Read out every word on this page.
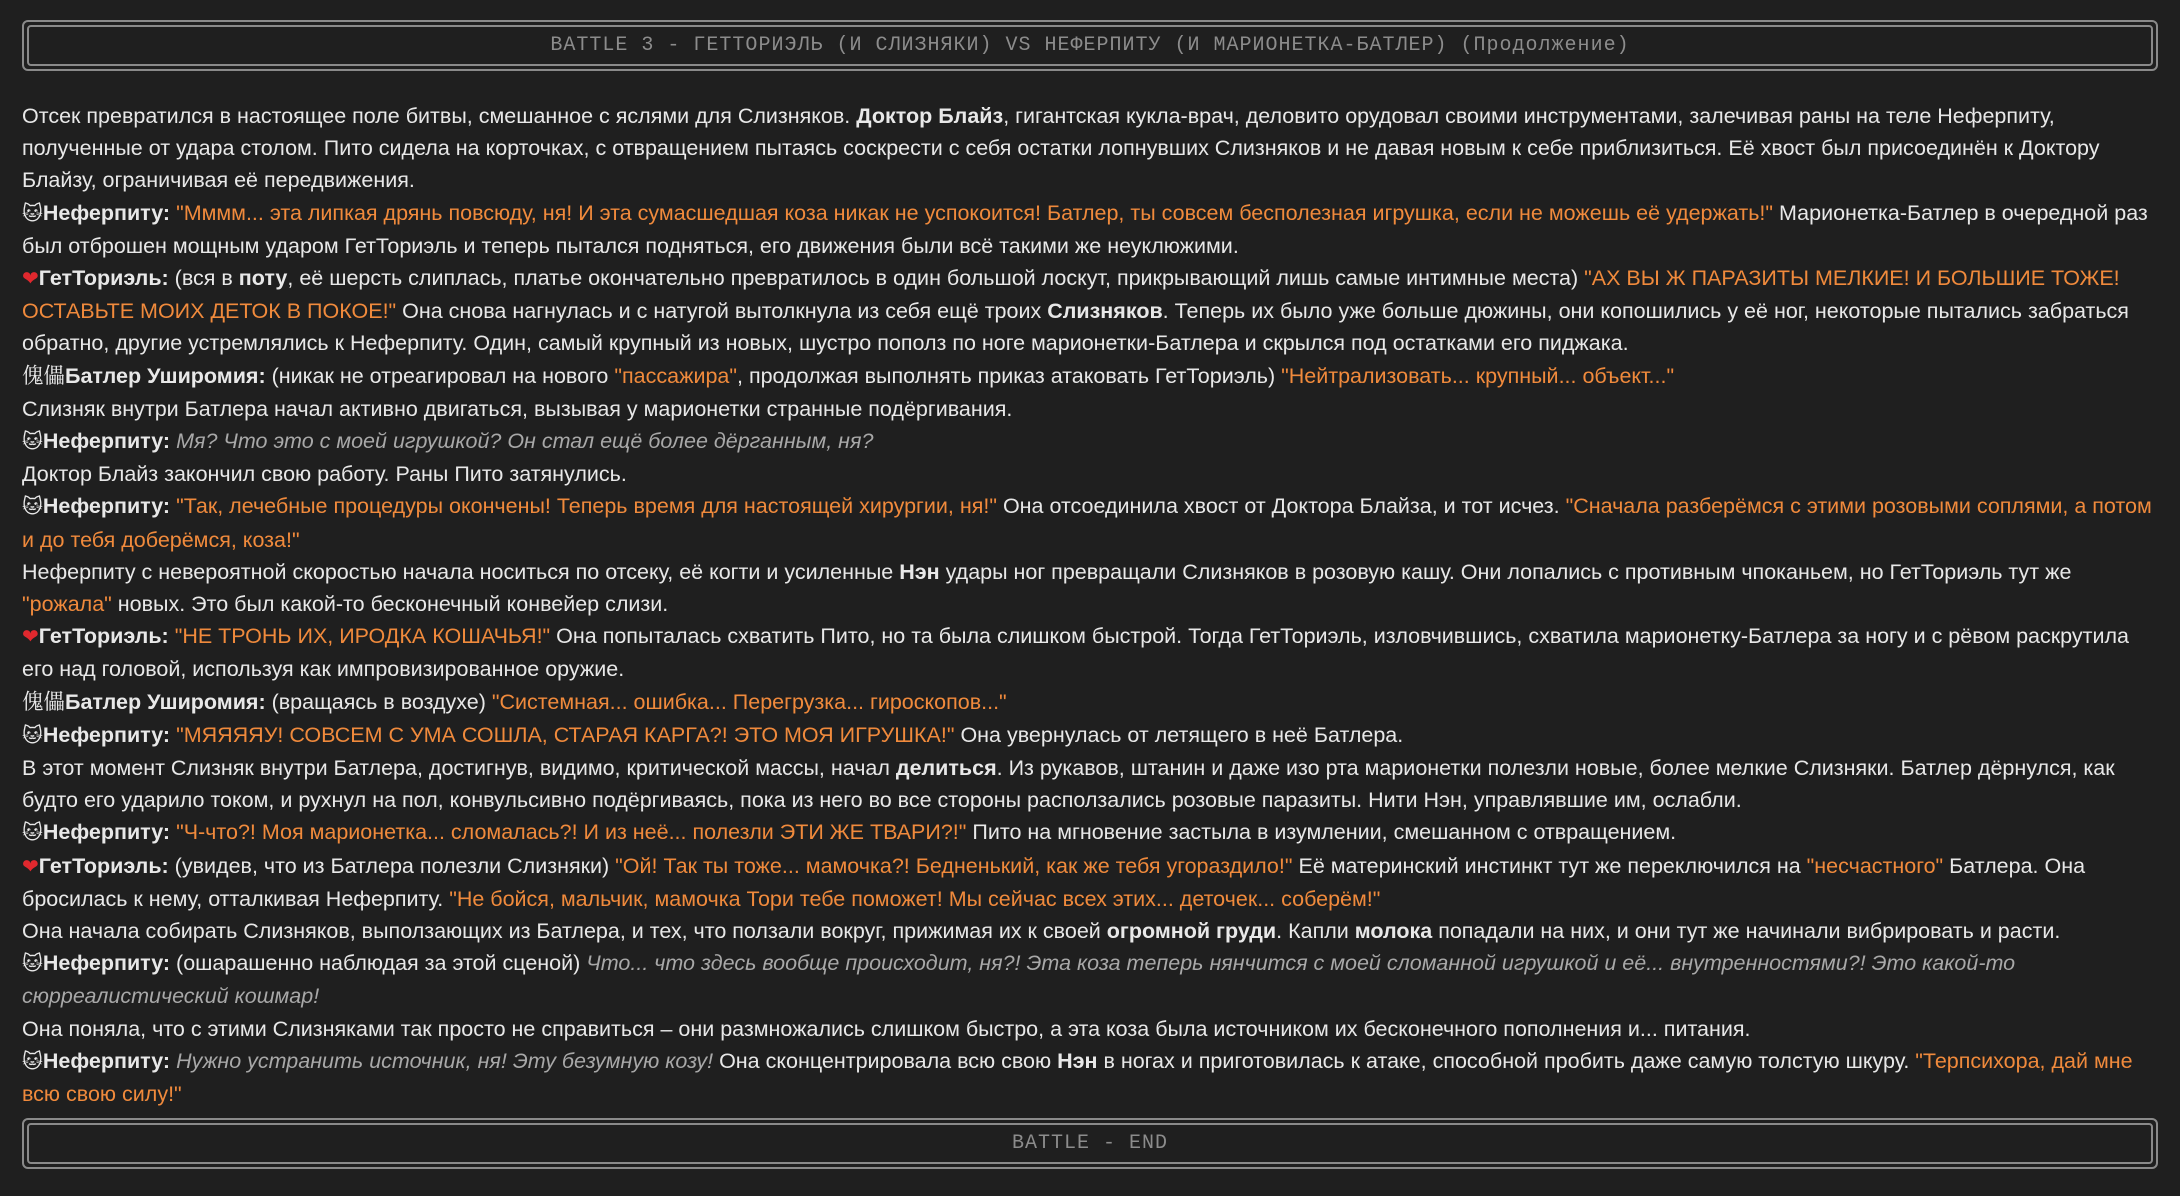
BATTLE 3 - ГЕТТОРИЭЛЬ (И СЛИЗНЯКИ) VS НЕФЕРПИТУ (И МАРИОНЕТКА-БАТЛЕР) (Продолжение)

Отсек превратился в настоящее поле битвы, смешанное с яслями для Слизняков. Доктор Блайз, гигантская кукла-врач, деловито орудовал своими инструментами, залечивая раны на теле Неферпиту, полученные от удара столом. Пито сидела на корточках, с отвращением пытаясь соскрести с себя остатки лопнувших Слизняков и не давая новым к себе приблизиться. Её хвост был присоединён к Доктору Блайзу, ограничивая её передвижения.

🐱Неферпиту: "Мммм... эта липкая дрянь повсюду, ня! И эта сумасшедшая коза никак не успокоится! Батлер, ты совсем бесполезная игрушка, если не можешь её удержать!" Марионетка-Батлер в очередной раз был отброшен мощным ударом ГетТориэль и теперь пытался подняться, его движения были всё такими же неуклюжими.

❤ГетТориэль: (вся в поту, её шерсть слиплась, платье окончательно превратилось в один большой лоскут, прикрывающий лишь самые интимные места) "АХ ВЫ Ж ПАРАЗИТЫ МЕЛКИЕ! И БОЛЬШИЕ ТОЖЕ! ОСТАВЬТЕ МОИХ ДЕТОК В ПОКОЕ!" Она снова нагнулась и с натугой вытолкнула из себя ещё троих Слизняков. Теперь их было уже больше дюжины, они копошились у её ног, некоторые пытались забраться обратно, другие устремлялись к Неферпиту. Один, самый крупный из новых, шустро пополз по ноге марионетки-Батлера и скрылся под остатками его пиджака.

傀儡Батлер Уширомия: (никак не отреагировал на нового "пассажира", продолжая выполнять приказ атаковать ГетТориэль) "Нейтрализовать... крупный... объект..."

Слизняк внутри Батлера начал активно двигаться, вызывая у марионетки странные подёргивания.

🐱Неферпиту: Мя? Что это с моей игрушкой? Он стал ещё более дёрганным, ня?

Доктор Блайз закончил свою работу. Раны Пито затянулись.

🐱Неферпиту: "Так, лечебные процедуры окончены! Теперь время для настоящей хирургии, ня!" Она отсоединила хвост от Доктора Блайза, и тот исчез. "Сначала разберёмся с этими розовыми соплями, а потом и до тебя доберёмся, коза!"

Неферпиту с невероятной скоростью начала носиться по отсеку, её когти и усиленные Нэн удары ног превращали Слизняков в розовую кашу. Они лопались с противным чпоканьем, но ГетТориэль тут же "рожала" новых. Это был какой-то бесконечный конвейер слизи.

❤ГетТориэль: "НЕ ТРОНЬ ИХ, ИРОДКА КОШАЧЬЯ!" Она попыталась схватить Пито, но та была слишком быстрой. Тогда ГетТориэль, изловчившись, схватила марионетку-Батлера за ногу и с рёвом раскрутила его над головой, используя как импровизированное оружие.

傀儡Батлер Уширомия: (вращаясь в воздухе) "Системная... ошибка... Перегрузка... гироскопов..."

🐱Неферпиту: "МЯЯЯЯУ! СОВСЕМ С УМА СОШЛА, СТАРАЯ КАРГА?! ЭТО МОЯ ИГРУШКА!" Она увернулась от летящего в неё Батлера.

В этот момент Слизняк внутри Батлера, достигнув, видимо, критической массы, начал делиться. Из рукавов, штанин и даже изо рта марионетки полезли новые, более мелкие Слизняки. Батлер дёрнулся, как будто его ударило током, и рухнул на пол, конвульсивно подёргиваясь, пока из него во все стороны расползались розовые паразиты. Нити Нэн, управлявшие им, ослабли.

🐱Неферпиту: "Ч-что?! Моя марионетка... сломалась?! И из неё... полезли ЭТИ ЖЕ ТВАРИ?!" Пито на мгновение застыла в изумлении, смешанном с отвращением.

❤ГетТориэль: (увидев, что из Батлера полезли Слизняки) "Ой! Так ты тоже... мамочка?! Бедненький, как же тебя угораздило!" Её материнский инстинкт тут же переключился на "несчастного" Батлера. Она бросилась к нему, отталкивая Неферпиту. "Не бойся, мальчик, мамочка Тори тебе поможет! Мы сейчас всех этих... деточек... соберём!"

Она начала собирать Слизняков, выползающих из Батлера, и тех, что ползали вокруг, прижимая их к своей огромной груди. Капли молока попадали на них, и они тут же начинали вибрировать и расти.

🐱Неферпиту: (ошарашенно наблюдая за этой сценой) Что... что здесь вообще происходит, ня?! Эта коза теперь нянчится с моей сломанной игрушкой и её... внутренностями?! Это какой-то сюрреалистический кошмар!

Она поняла, что с этими Слизняками так просто не справиться – они размножались слишком быстро, а эта коза была источником их бесконечного пополнения и... питания.

🐱Неферпиту: Нужно устранить источник, ня! Эту безумную козу! Она сконцентрировала всю свою Нэн в ногах и приготовилась к атаке, способной пробить даже самую толстую шкуру. "Терпсихора, дай мне всю свою силу!"

BATTLE - END
